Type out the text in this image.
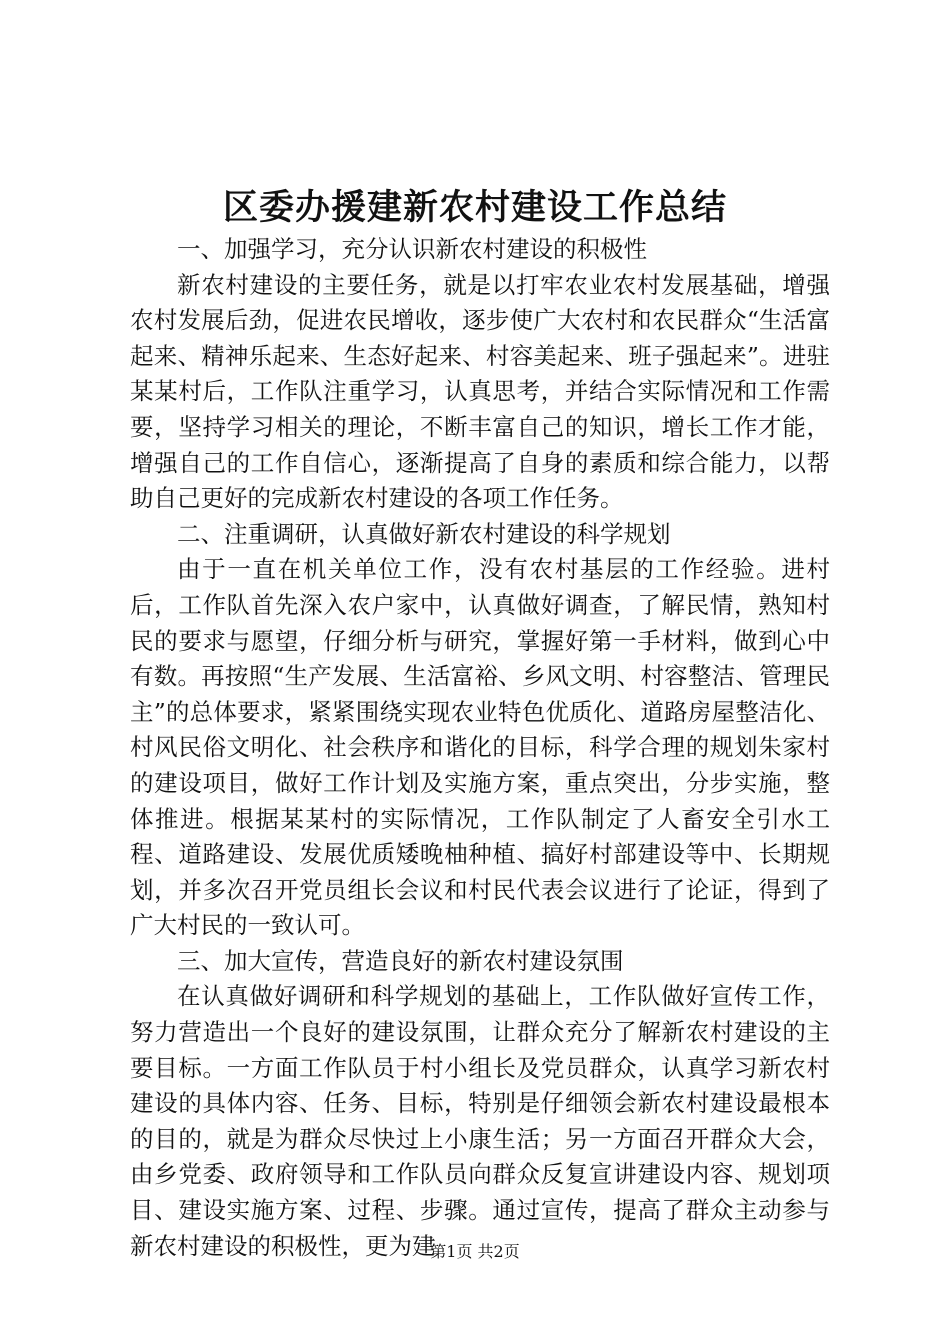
区委办援建新农村建设工作总结

一、加强学习，充分认识新农村建设的积极性

新农村建设的主要任务，就是以打牢农业农村发展基础，增强农村发展后劲，促进农民增收，逐步使广大农村和农民群众“生活富起来、精神乐起来、生态好起来、村容美起来、班子强起来”。进驻某某村后，工作队注重学习，认真思考，并结合实际情况和工作需要，坚持学习相关的理论，不断丰富自己的知识，增长工作才能，增强自己的工作自信心，逐渐提高了自身的素质和综合能力，以帮助自己更好的完成新农村建设的各项工作任务。

二、注重调研，认真做好新农村建设的科学规划

由于一直在机关单位工作，没有农村基层的工作经验。进村后，工作队首先深入农户家中，认真做好调查，了解民情，熟知村民的要求与愿望，仔细分析与研究，掌握好第一手材料，做到心中有数。再按照“生产发展、生活富裕、乡风文明、村容整洁、管理民主”的总体要求，紧紧围绕实现农业特色优质化、道路房屋整洁化、村风民俗文明化、社会秩序和谐化的目标，科学合理的规划朱家村的建设项目，做好工作计划及实施方案，重点突出，分步实施，整体推进。根据某某村的实际情况，工作队制定了人畜安全引水工程、道路建设、发展优质矮晚柚种植、搞好村部建设等中、长期规划，并多次召开党员组长会议和村民代表会议进行了论证，得到了广大村民的一致认可。

三、加大宣传，营造良好的新农村建设氛围

在认真做好调研和科学规划的基础上，工作队做好宣传工作，努力营造出一个良好的建设氛围，让群众充分了解新农村建设的主要目标。一方面工作队员于村小组长及党员群众，认真学习新农村建设的具体内容、任务、目标，特别是仔细领会新农村建设最根本的目的，就是为群众尽快过上小康生活；另一方面召开群众大会，由乡党委、政府领导和工作队员向群众反复宣讲建设内容、规划项目、建设实施方案、过程、步骤。通过宣传，提高了群众主动参与新农村建设的积极性，更为建

第1页 共2页
